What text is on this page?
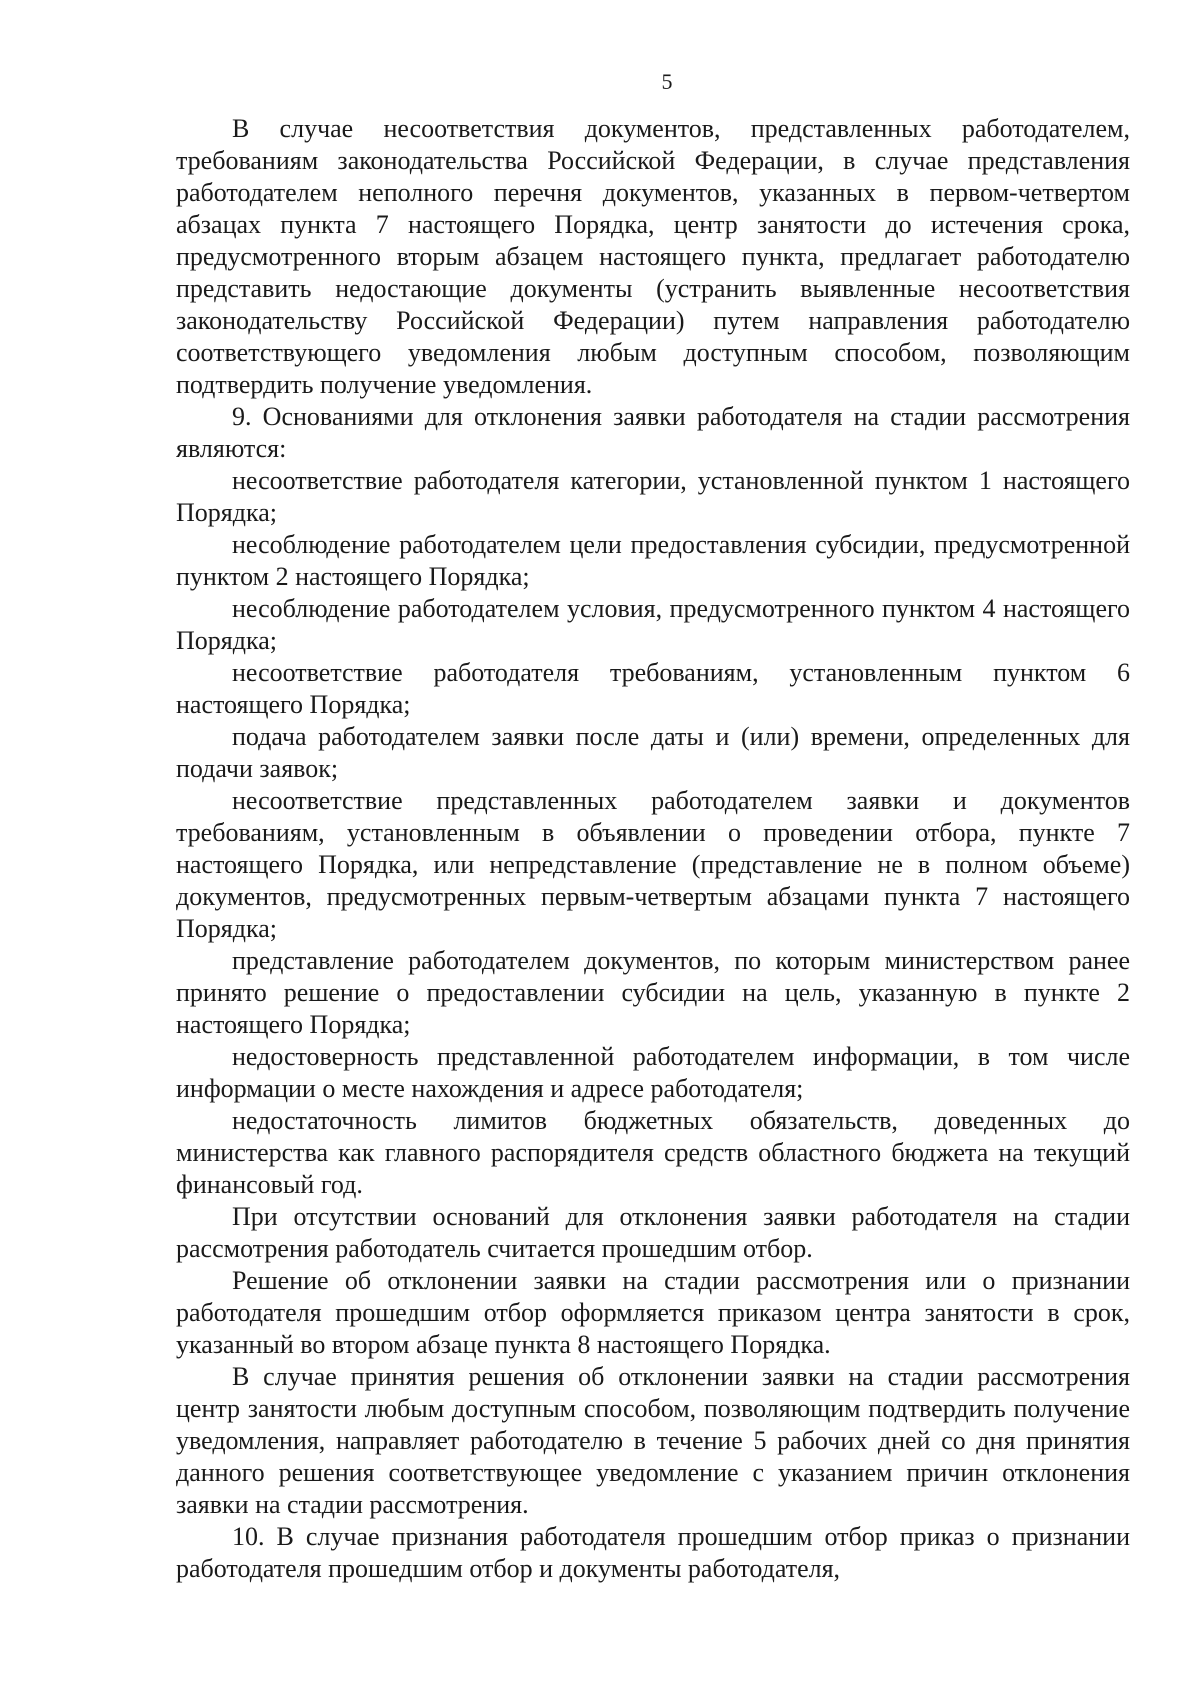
5

В случае несоответствия документов, представленных работодателем, требованиям законодательства Российской Федерации, в случае представления работодателем неполного перечня документов, указанных в первом-четвертом абзацах пункта 7 настоящего Порядка, центр занятости до истечения срока, предусмотренного вторым абзацем настоящего пункта, предлагает работодателю представить недостающие документы (устранить выявленные несоответствия законодательству Российской Федерации) путем направления работодателю соответствующего уведомления любым доступным способом, позволяющим подтвердить получение уведомления.

9. Основаниями для отклонения заявки работодателя на стадии рассмотрения являются:

несоответствие работодателя категории, установленной пунктом 1 настоящего Порядка;

несоблюдение работодателем цели предоставления субсидии, предусмотренной пунктом 2 настоящего Порядка;

несоблюдение работодателем условия, предусмотренного пунктом 4 настоящего Порядка;

несоответствие работодателя требованиям, установленным пунктом 6 настоящего Порядка;

подача работодателем заявки после даты и (или) времени, определенных для подачи заявок;

несоответствие представленных работодателем заявки и документов требованиям, установленным в объявлении о проведении отбора, пункте 7 настоящего Порядка, или непредставление (представление не в полном объеме) документов, предусмотренных первым-четвертым абзацами пункта 7 настоящего Порядка;

представление работодателем документов, по которым министерством ранее принято решение о предоставлении субсидии на цель, указанную в пункте 2 настоящего Порядка;

недостоверность представленной работодателем информации, в том числе информации о месте нахождения и адресе работодателя;

недостаточность лимитов бюджетных обязательств, доведенных до министерства как главного распорядителя средств областного бюджета на текущий финансовый год.

При отсутствии оснований для отклонения заявки работодателя на стадии рассмотрения работодатель считается прошедшим отбор.

Решение об отклонении заявки на стадии рассмотрения или о признании работодателя прошедшим отбор оформляется приказом центра занятости в срок, указанный во втором абзаце пункта 8 настоящего Порядка.

В случае принятия решения об отклонении заявки на стадии рассмотрения центр занятости любым доступным способом, позволяющим подтвердить получение уведомления, направляет работодателю в течение 5 рабочих дней со дня принятия данного решения соответствующее уведомление с указанием причин отклонения заявки на стадии рассмотрения.

10. В случае признания работодателя прошедшим отбор приказ о признании работодателя прошедшим отбор и документы работодателя,
